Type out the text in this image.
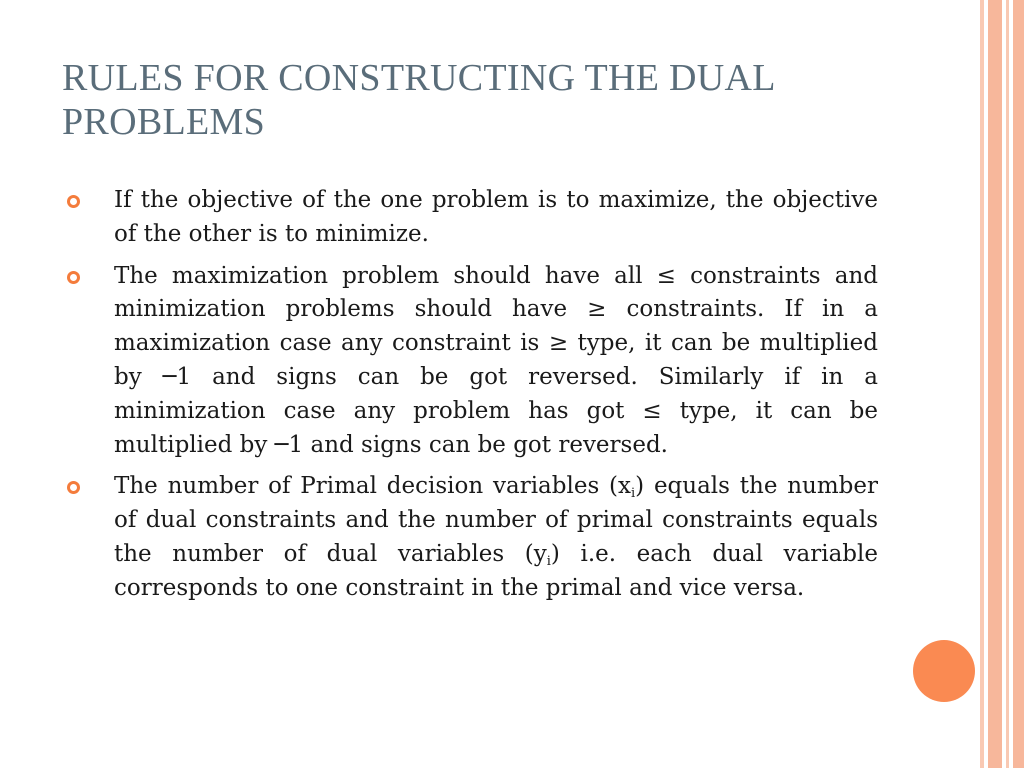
RULES FOR CONSTRUCTING THE DUAL PROBLEMS
If the objective of the one problem is to maximize, the objective of the other is to minimize.
The maximization problem should have all ≤ constraints and minimization problems should have ≥ constraints. If in a maximization case any constraint is ≥ type, it can be multiplied by ─1 and signs can be got reversed. Similarly if in a minimization case any problem has got ≤ type, it can be multiplied by ─1 and signs can be got reversed.
The number of Primal decision variables $(x_i)$ equals the number of dual constraints and the number of primal constraints equals the number of dual variables $(y_i)$ i.e. each dual variable corresponds to one constraint in the primal and vice versa.
